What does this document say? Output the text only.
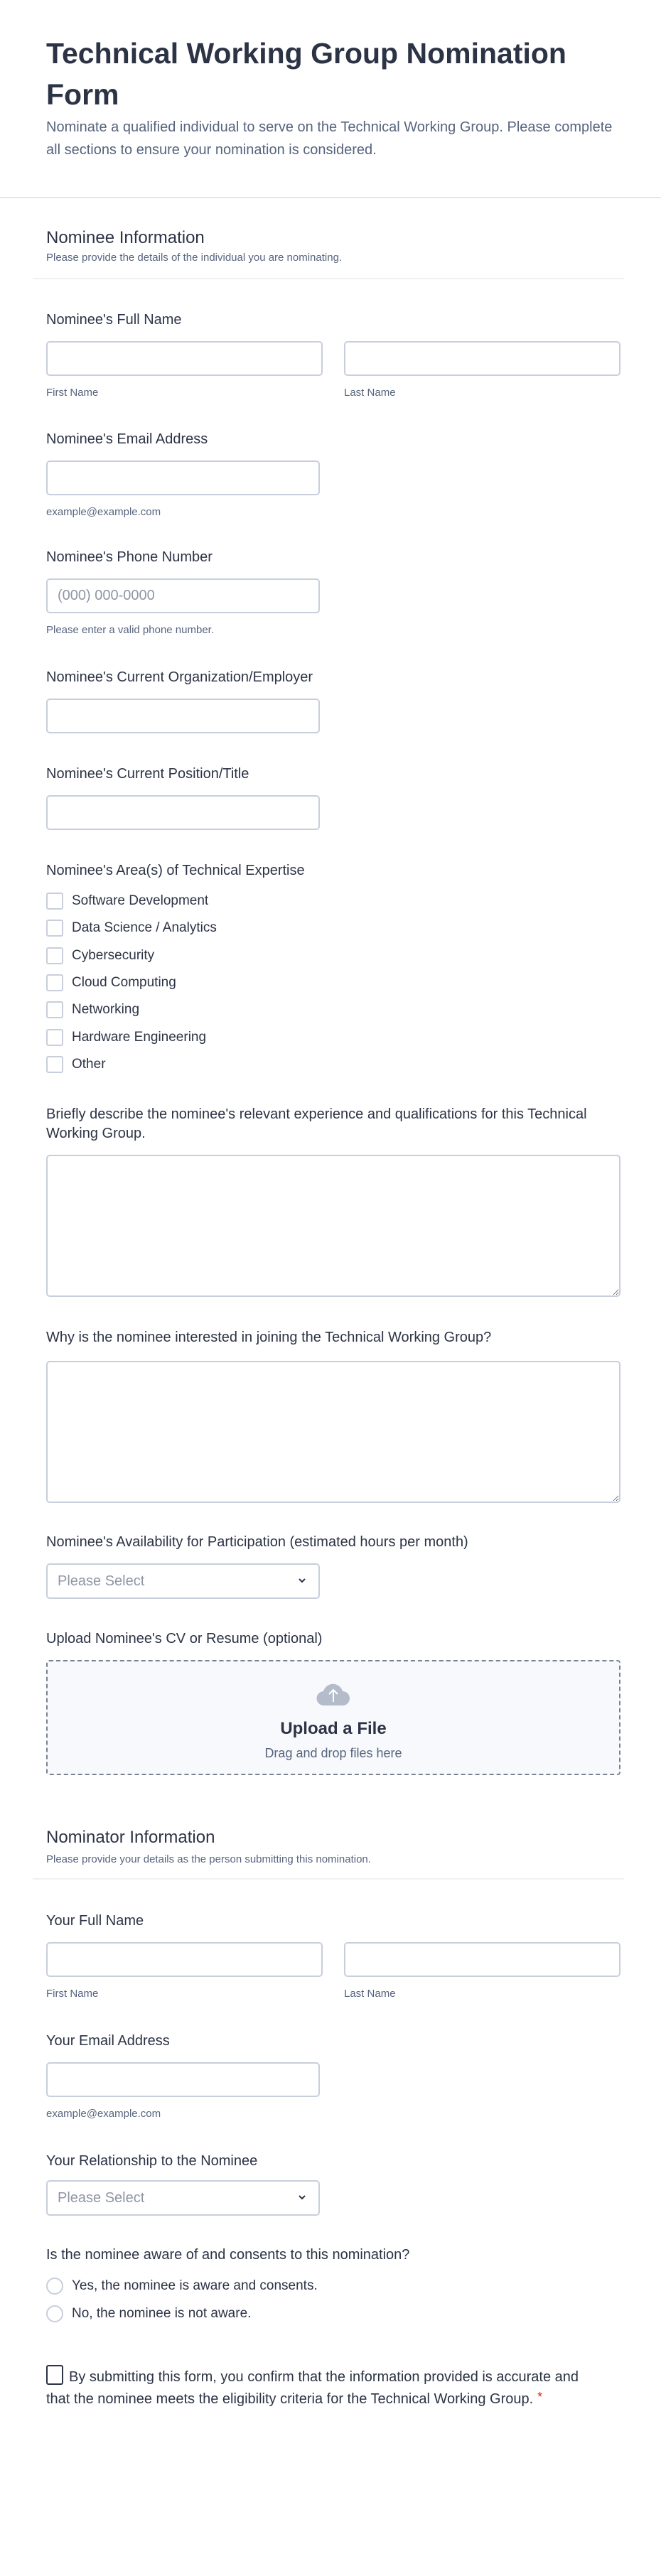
Technical Working Group Nomination Form

Nominate a qualified individual to serve on the Technical Working Group. Please complete all sections to ensure your nomination is considered.

Nominee Information
Please provide the details of the individual you are nominating.
Nominee's Full Name
First Name	Last Name
Nominee's Email Address
example@example.com
Nominee's Phone Number
(000) 000-0000
Please enter a valid phone number.
Nominee's Current Organization/Employer
Nominee's Current Position/Title
Nominee's Area(s) of Technical Expertise
Software Development
Data Science / Analytics
Cybersecurity
Cloud Computing
Networking
Hardware Engineering
Other
Briefly describe the nominee's relevant experience and qualifications for this Technical Working Group.
Why is the nominee interested in joining the Technical Working Group?
Nominee's Availability for Participation (estimated hours per month)
Please Select
Upload Nominee's CV or Resume (optional)
Upload a File
Drag and drop files here
Nominator Information
Please provide your details as the person submitting this nomination.
Your Full Name
First Name	Last Name
Your Email Address
example@example.com
Your Relationship to the Nominee
Please Select
Is the nominee aware of and consents to this nomination?
Yes, the nominee is aware and consents.
No, the nominee is not aware.
By submitting this form, you confirm that the information provided is accurate and that the nominee meets the eligibility criteria for the Technical Working Group. *
